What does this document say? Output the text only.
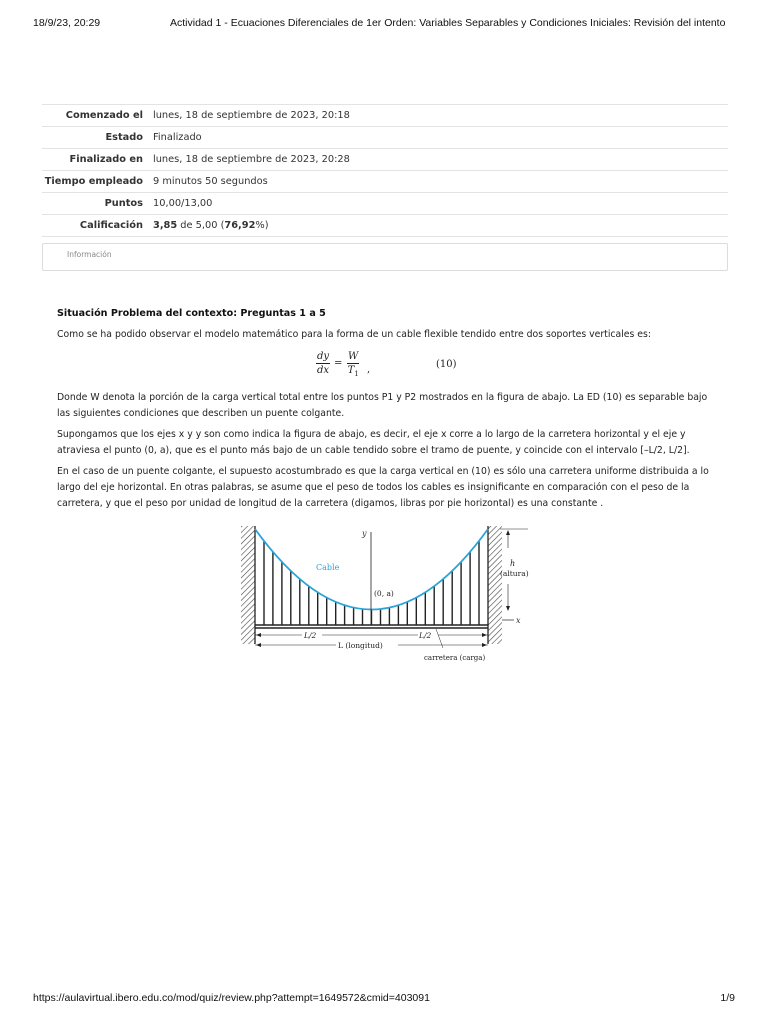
18/9/23, 20:29	Actividad 1 - Ecuaciones Diferenciales de 1er Orden: Variables Separables y Condiciones Iniciales: Revisión del intento
Comenzado el	lunes, 18 de septiembre de 2023, 20:18
Estado	Finalizado
Finalizado en	lunes, 18 de septiembre de 2023, 20:28
Tiempo empleado	9 minutos 50 segundos
Puntos	10,00/13,00
Calificación	3,85 de 5,00 (76,92%)
Información
Situación Problema del contexto: Preguntas 1 a 5

Como se ha podido observar el modelo matemático para la forma de un cable flexible tendido entre dos soportes verticales es:

Donde W denota la porción de la carga vertical total entre los puntos P1 y P2 mostrados en la figura de abajo. La ED (10) es separable bajo las siguientes condiciones que describen un puente colgante.

Supongamos que los ejes x y y son como indica la figura de abajo, es decir, el eje x corre a lo largo de la carretera horizontal y el eje y atraviesa el punto (0, a), que es el punto más bajo de un cable tendido sobre el tramo de puente, y coincide con el intervalo [–L/2, L/2].

En el caso de un puente colgante, el supuesto acostumbrado es que la carga vertical en (10) es sólo una carretera uniforme distribuida a lo largo del eje horizontal. En otras palabras, se asume que el peso de todos los cables es insignificante en comparación con el peso de la carretera, y que el peso por unidad de longitud de la carretera (digamos, libras por pie horizontal) es una constante .

$\frac{dy}{dx} = \frac{W}{T_1}$ ,	(10)
Cable
y
x
(0, a)
L/2	L/2
L (longitud)
carretera (carga)
h
(altura)
https://aulavirtual.ibero.edu.co/mod/quiz/review.php?attempt=1649572&cmid=403091	1/9
